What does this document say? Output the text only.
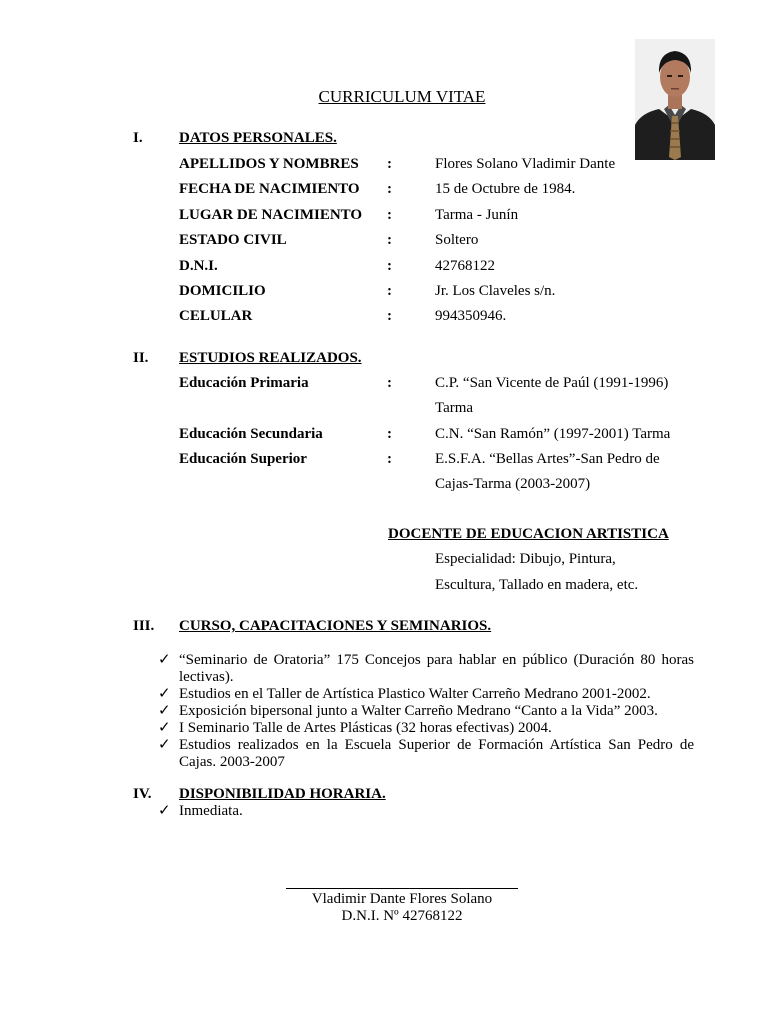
CURRICULUM VITAE
I. DATOS PERSONALES.
APELLIDOS Y NOMBRES :	Flores Solano Vladimir Dante
FECHA DE NACIMIENTO :	15 de Octubre de 1984.
LUGAR DE NACIMIENTO :	Tarma - Junín
ESTADO CIVIL	:	Soltero
D.N.I.	:	42768122
DOMICILIO	:	Jr. Los Claveles s/n.
CELULAR	:	994350946.
II. ESTUDIOS REALIZADOS.
Educación Primaria	:	C.P. “San Vicente de Paúl (1991-1996)
Tarma
Educación Secundaria	:	C.N. “San Ramón” (1997-2001) Tarma
Educación Superior	:	E.S.F.A. “Bellas Artes”-San Pedro de
Cajas-Tarma (2003-2007)
DOCENTE DE EDUCACION ARTISTICA
Especialidad: Dibujo, Pintura,
Escultura, Tallado en madera, etc.
III. CURSO, CAPACITACIONES Y SEMINARIOS.
✓ “Seminario de Oratoria” 175 Concejos para hablar en público (Duración 80 horas lectivas).
✓ Estudios en el Taller de Artística Plastico Walter Carreño Medrano 2001-2002.
✓ Exposición bipersonal junto a Walter Carreño Medrano “Canto a la Vida” 2003.
✓ I Seminario Talle de Artes Plásticas (32 horas efectivas) 2004.
✓ Estudios realizados en la Escuela Superior de Formación Artística San Pedro de Cajas. 2003-2007
IV. DISPONIBILIDAD HORARIA.
✓ Inmediata.
Vladimir Dante Flores Solano
D.N.I. Nº 42768122
